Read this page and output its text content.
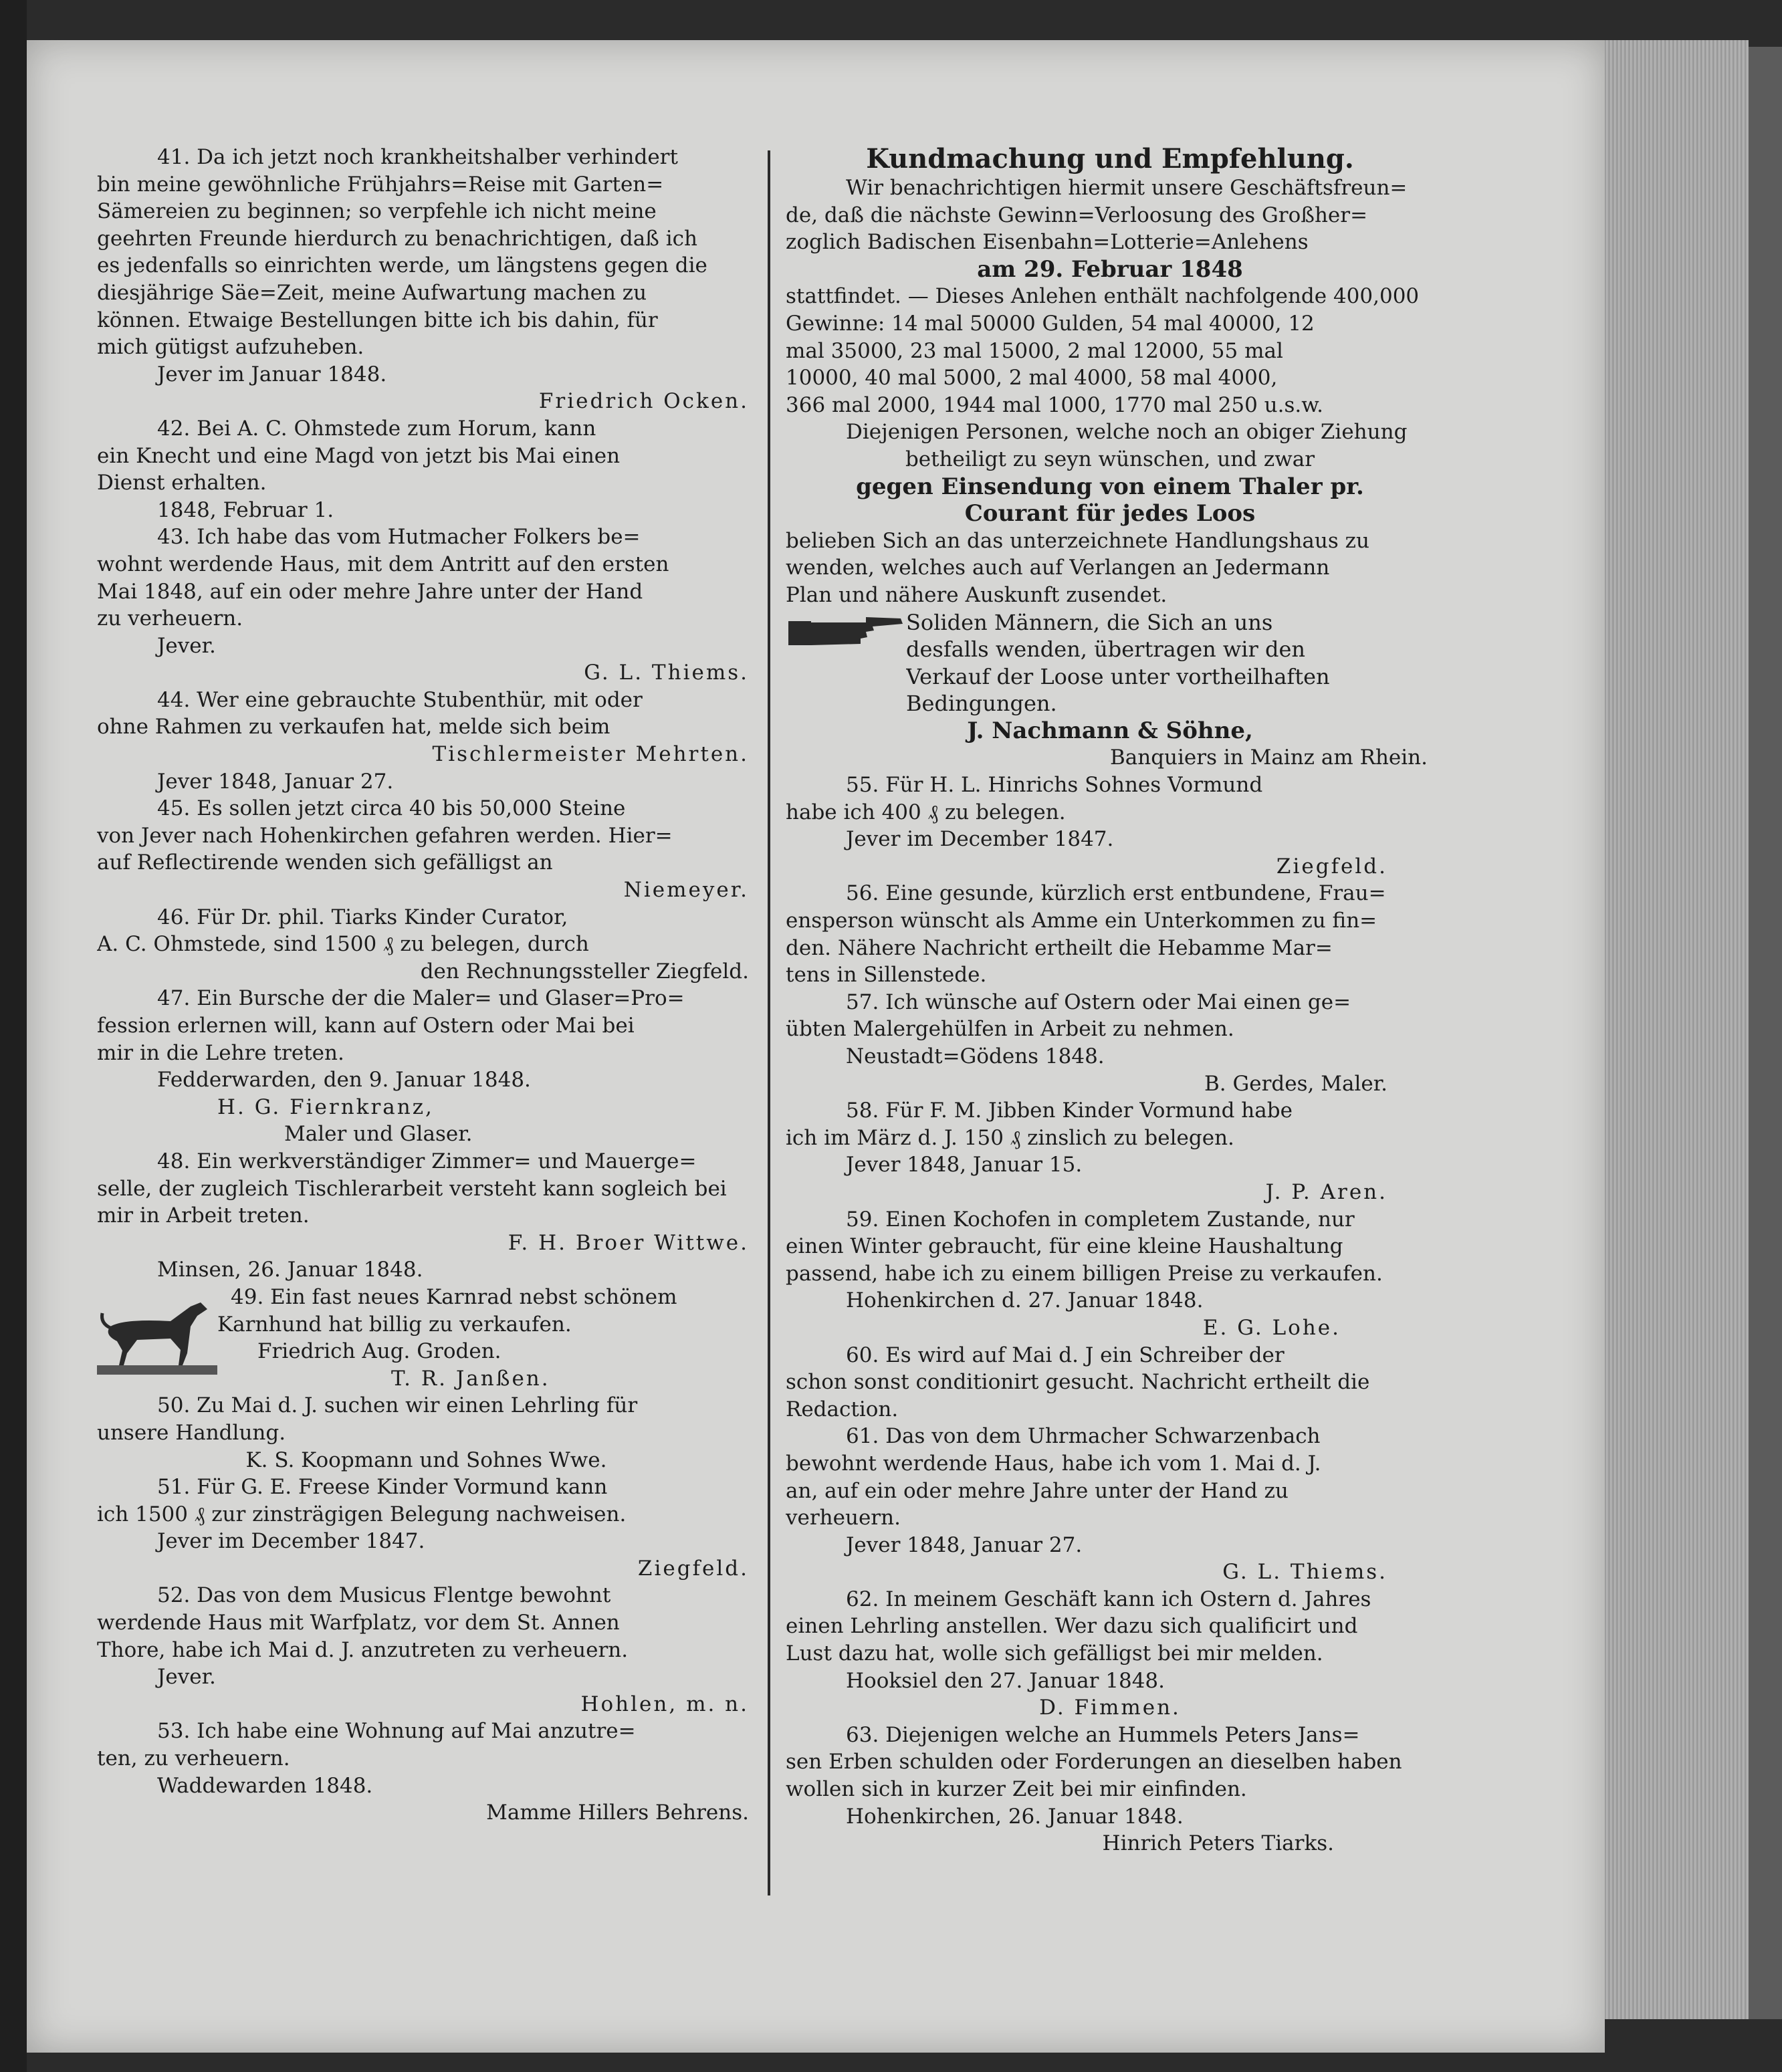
41. Da ich jetzt noch krankheitshalber verhindert
bin meine gewöhnliche Frühjahrs=Reise mit Garten=
Sämereien zu beginnen; so verpfehle ich nicht meine
geehrten Freunde hierdurch zu benachrichtigen, daß ich
es jedenfalls so einrichten werde, um längstens gegen die
diesjährige Säe=Zeit, meine Aufwartung machen zu
können. Etwaige Bestellungen bitte ich bis dahin, für
mich gütigst aufzuheben.
Jever im Januar 1848.
Friedrich Ocken.
42. Bei A. C. Ohmstede zum Horum, kann
ein Knecht und eine Magd von jetzt bis Mai einen
Dienst erhalten.
1848, Februar 1.
43. Ich habe das vom Hutmacher Folkers be=
wohnt werdende Haus, mit dem Antritt auf den ersten
Mai 1848, auf ein oder mehre Jahre unter der Hand
zu verheuern.
Jever.
G. L. Thiems.
44. Wer eine gebrauchte Stubenthür, mit oder
ohne Rahmen zu verkaufen hat, melde sich beim
Tischlermeister Mehrten.
Jever 1848, Januar 27.
45. Es sollen jetzt circa 40 bis 50,000 Steine
von Jever nach Hohenkirchen gefahren werden. Hier=
auf Reflectirende wenden sich gefälligst an
Niemeyer.
46. Für Dr. phil. Tiarks Kinder Curator,
A. C. Ohmstede, sind 1500 ₰ zu belegen, durch
den Rechnungssteller Ziegfeld.
47. Ein Bursche der die Maler= und Glaser=Pro=
fession erlernen will, kann auf Ostern oder Mai bei
mir in die Lehre treten.
Fedderwarden, den 9. Januar 1848.
H. G. Fiernkranz,
Maler und Glaser.
48. Ein werkverständiger Zimmer= und Mauerge=
selle, der zugleich Tischlerarbeit versteht kann sogleich bei
mir in Arbeit treten.
F. H. Broer Wittwe.
Minsen, 26. Januar 1848.
49. Ein fast neues Karnrad nebst schönem
Karnhund hat billig zu verkaufen.
Friedrich Aug. Groden.
T. R. Janßen.
50. Zu Mai d. J. suchen wir einen Lehrling für
unsere Handlung.
K. S. Koopmann und Sohnes Wwe.
51. Für G. E. Freese Kinder Vormund kann
ich 1500 ₰ zur zinsträgigen Belegung nachweisen.
Jever im December 1847.
Ziegfeld.
52. Das von dem Musicus Flentge bewohnt
werdende Haus mit Warfplatz, vor dem St. Annen
Thore, habe ich Mai d. J. anzutreten zu verheuern.
Jever.
Hohlen, m. n.
53. Ich habe eine Wohnung auf Mai anzutre=
ten, zu verheuern.
Waddewarden 1848.
Mamme Hillers Behrens.
Kundmachung und Empfehlung.
Wir benachrichtigen hiermit unsere Geschäftsfreun=
de, daß die nächste Gewinn=Verloosung des Großher=
zoglich Badischen Eisenbahn=Lotterie=Anlehens
am 29. Februar 1848
stattfindet. — Dieses Anlehen enthält nachfolgende 400,000
Gewinne: 14 mal 50000 Gulden, 54 mal 40000, 12
mal 35000, 23 mal 15000, 2 mal 12000, 55 mal
10000, 40 mal 5000, 2 mal 4000, 58 mal 4000,
366 mal 2000, 1944 mal 1000, 1770 mal 250 u.s.w.
Diejenigen Personen, welche noch an obiger Ziehung
betheiligt zu seyn wünschen, und zwar
gegen Einsendung von einem Thaler pr.
Courant für jedes Loos
belieben Sich an das unterzeichnete Handlungshaus zu
wenden, welches auch auf Verlangen an Jedermann
Plan und nähere Auskunft zusendet.
Soliden Männern, die Sich an uns
desfalls wenden, übertragen wir den
Verkauf der Loose unter vortheilhaften
Bedingungen.
J. Nachmann & Söhne,
Banquiers in Mainz am Rhein.
55. Für H. L. Hinrichs Sohnes Vormund
habe ich 400 ₰ zu belegen.
Jever im December 1847.
Ziegfeld.
56. Eine gesunde, kürzlich erst entbundene, Frau=
ensperson wünscht als Amme ein Unterkommen zu fin=
den. Nähere Nachricht ertheilt die Hebamme Mar=
tens in Sillenstede.
57. Ich wünsche auf Ostern oder Mai einen ge=
übten Malergehülfen in Arbeit zu nehmen.
Neustadt=Gödens 1848.
B. Gerdes, Maler.
58. Für F. M. Jibben Kinder Vormund habe
ich im März d. J. 150 ₰ zinslich zu belegen.
Jever 1848, Januar 15.
J. P. Aren.
59. Einen Kochofen in completem Zustande, nur
einen Winter gebraucht, für eine kleine Haushaltung
passend, habe ich zu einem billigen Preise zu verkaufen.
Hohenkirchen d. 27. Januar 1848.
E. G. Lohe.
60. Es wird auf Mai d. J ein Schreiber der
schon sonst conditionirt gesucht. Nachricht ertheilt die
Redaction.
61. Das von dem Uhrmacher Schwarzenbach
bewohnt werdende Haus, habe ich vom 1. Mai d. J.
an, auf ein oder mehre Jahre unter der Hand zu
verheuern.
Jever 1848, Januar 27.
G. L. Thiems.
62. In meinem Geschäft kann ich Ostern d. Jahres
einen Lehrling anstellen. Wer dazu sich qualificirt und
Lust dazu hat, wolle sich gefälligst bei mir melden.
Hooksiel den 27. Januar 1848.
D. Fimmen.
63. Diejenigen welche an Hummels Peters Jans=
sen Erben schulden oder Forderungen an dieselben haben
wollen sich in kurzer Zeit bei mir einfinden.
Hohenkirchen, 26. Januar 1848.
Hinrich Peters Tiarks.
